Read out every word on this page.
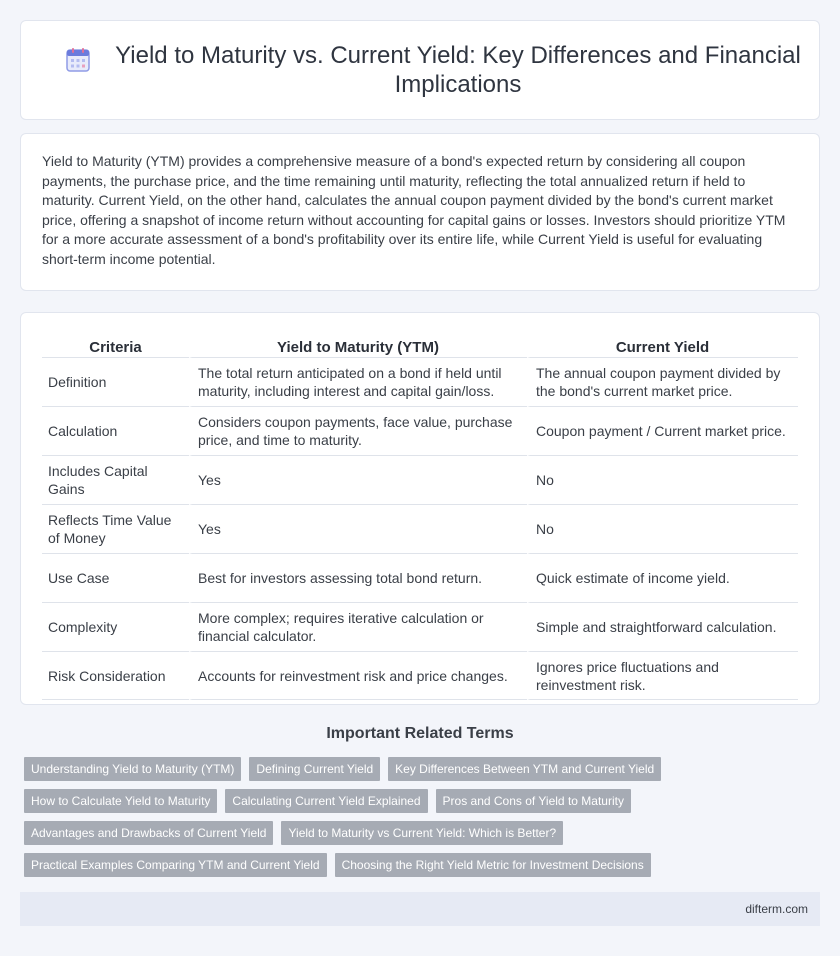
Yield to Maturity vs. Current Yield: Key Differences and Financial Implications

Yield to Maturity (YTM) provides a comprehensive measure of a bond's expected return by considering all coupon payments, the purchase price, and the time remaining until maturity, reflecting the total annualized return if held to maturity. Current Yield, on the other hand, calculates the annual coupon payment divided by the bond's current market price, offering a snapshot of income return without accounting for capital gains or losses. Investors should prioritize YTM for a more accurate assessment of a bond's profitability over its entire life, while Current Yield is useful for evaluating short-term income potential.

Criteria	Yield to Maturity (YTM)	Current Yield
Definition	The total return anticipated on a bond if held until maturity, including interest and capital gain/loss.	The annual coupon payment divided by the bond's current market price.
Calculation	Considers coupon payments, face value, purchase price, and time to maturity.	Coupon payment / Current market price.
Includes Capital Gains	Yes	No
Reflects Time Value of Money	Yes	No
Use Case	Best for investors assessing total bond return.	Quick estimate of income yield.
Complexity	More complex; requires iterative calculation or financial calculator.	Simple and straightforward calculation.
Risk Consideration	Accounts for reinvestment risk and price changes.	Ignores price fluctuations and reinvestment risk.
Important Related Terms
Understanding Yield to Maturity (YTM)	Defining Current Yield	Key Differences Between YTM and Current Yield
How to Calculate Yield to Maturity	Calculating Current Yield Explained	Pros and Cons of Yield to Maturity
Advantages and Drawbacks of Current Yield	Yield to Maturity vs Current Yield: Which is Better?
Practical Examples Comparing YTM and Current Yield	Choosing the Right Yield Metric for Investment Decisions
difterm.com
